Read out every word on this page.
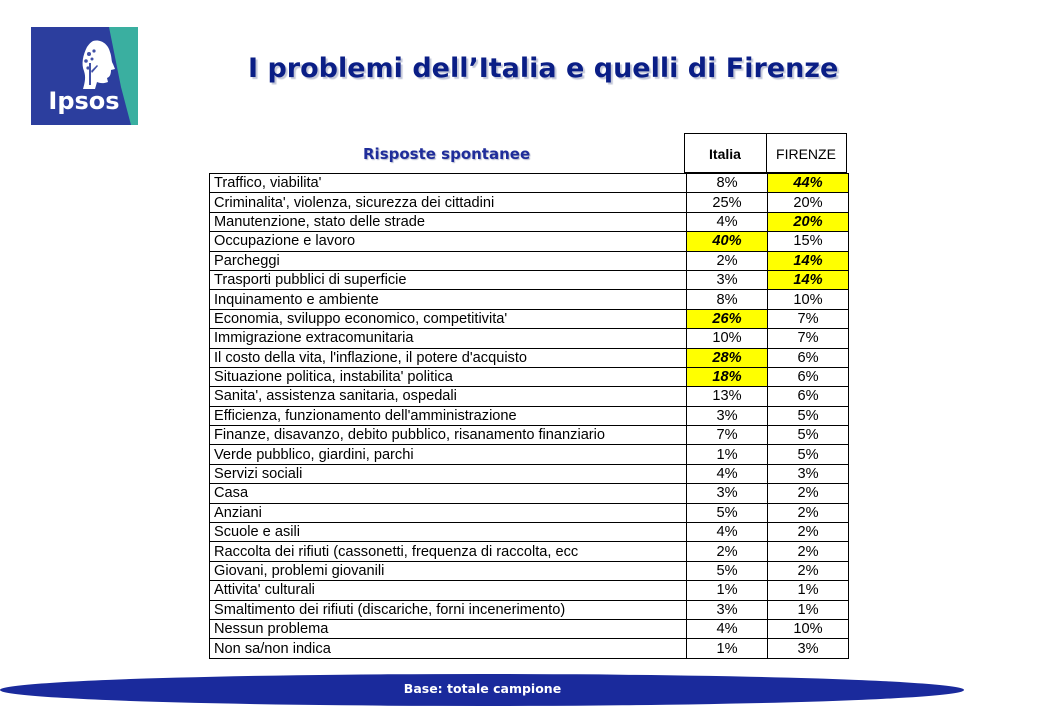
Ipsos
I problemi dell’Italia e quelli di Firenze
Risposte spontanee	Italia	FIRENZE
Traffico, viabilita'	8%	44%
Criminalita', violenza, sicurezza dei cittadini	25%	20%
Manutenzione, stato delle strade	4%	20%
Occupazione e lavoro	40%	15%
Parcheggi	2%	14%
Trasporti pubblici di superficie	3%	14%
Inquinamento e ambiente	8%	10%
Economia, sviluppo economico, competitivita'	26%	7%
Immigrazione extracomunitaria	10%	7%
Il costo della vita, l'inflazione, il potere d'acquisto	28%	6%
Situazione politica, instabilita' politica	18%	6%
Sanita', assistenza sanitaria, ospedali	13%	6%
Efficienza, funzionamento dell'amministrazione	3%	5%
Finanze, disavanzo, debito pubblico, risanamento finanziario	7%	5%
Verde pubblico, giardini, parchi	1%	5%
Servizi sociali	4%	3%
Casa	3%	2%
Anziani	5%	2%
Scuole e asili	4%	2%
Raccolta dei rifiuti (cassonetti, frequenza di raccolta, ecc	2%	2%
Giovani, problemi giovanili	5%	2%
Attivita' culturali	1%	1%
Smaltimento dei rifiuti (discariche, forni incenerimento)	3%	1%
Nessun problema	4%	10%
Non sa/non indica	1%	3%
Base: totale campione
